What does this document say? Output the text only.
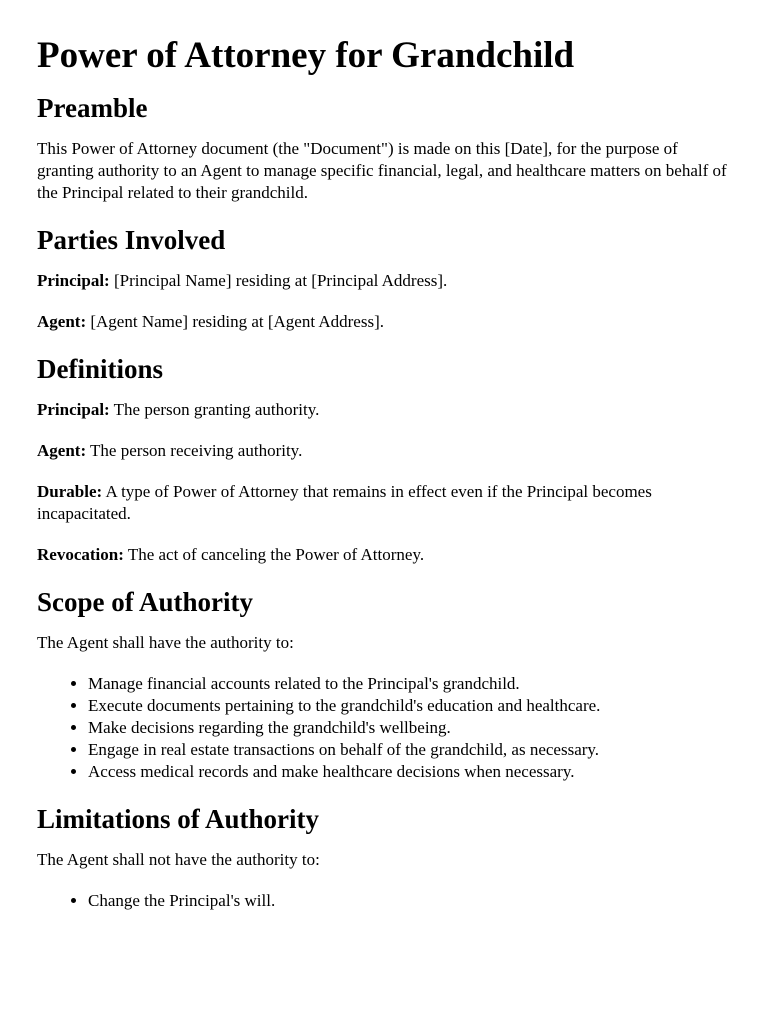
Power of Attorney for Grandchild
Preamble

This Power of Attorney document (the "Document") is made on this [Date], for the purpose of granting authority to an Agent to manage specific financial, legal, and healthcare matters on behalf of the Principal related to their grandchild.

Parties Involved

Principal: [Principal Name] residing at [Principal Address].

Agent: [Agent Name] residing at [Agent Address].

Definitions

Principal: The person granting authority.

Agent: The person receiving authority.

Durable: A type of Power of Attorney that remains in effect even if the Principal becomes incapacitated.

Revocation: The act of canceling the Power of Attorney.

Scope of Authority

The Agent shall have the authority to:

• Manage financial accounts related to the Principal's grandchild.
• Execute documents pertaining to the grandchild's education and healthcare.
• Make decisions regarding the grandchild's wellbeing.
• Engage in real estate transactions on behalf of the grandchild, as necessary.
• Access medical records and make healthcare decisions when necessary.
Limitations of Authority

The Agent shall not have the authority to:

• Change the Principal's will.
